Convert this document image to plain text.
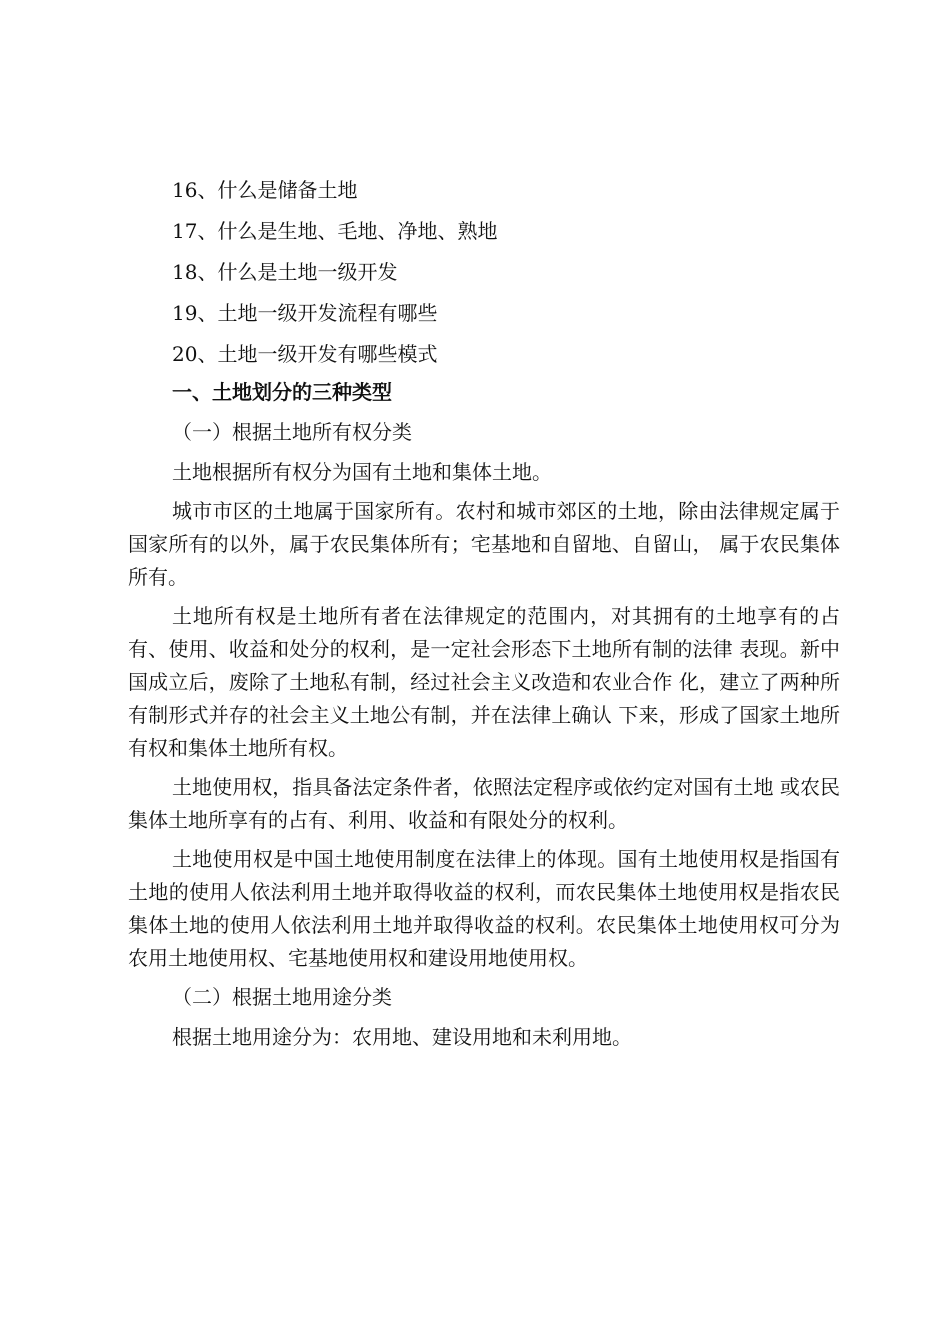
16、什么是储备土地
17、什么是生地、毛地、净地、熟地
18、什么是土地一级开发
19、土地一级开发流程有哪些
20、土地一级开发有哪些模式
一、土地划分的三种类型
（一）根据土地所有权分类

土地根据所有权分为国有土地和集体土地。

城市市区的土地属于国家所有。农村和城市郊区的土地，除由法律规定属于国家所有的以外，属于农民集体所有；宅基地和自留地、自留山， 属于农民集体所有。

土地所有权是土地所有者在法律规定的范围内，对其拥有的土地享有的占有、使用、收益和处分的权利，是一定社会形态下土地所有制的法律 表现。新中国成立后，废除了土地私有制，经过社会主义改造和农业合作 化，建立了两种所有制形式并存的社会主义土地公有制，并在法律上确认 下来，形成了国家土地所有权和集体土地所有权。

土地使用权，指具备法定条件者，依照法定程序或依约定对国有土地 或农民集体土地所享有的占有、利用、收益和有限处分的权利。

土地使用权是中国土地使用制度在法律上的体现。国有土地使用权是指国有土地的使用人依法利用土地并取得收益的权利，而农民集体土地使用权是指农民集体土地的使用人依法利用土地并取得收益的权利。农民集体土地使用权可分为农用土地使用权、宅基地使用权和建设用地使用权。

（二）根据土地用途分类

根据土地用途分为：农用地、建设用地和未利用地。
